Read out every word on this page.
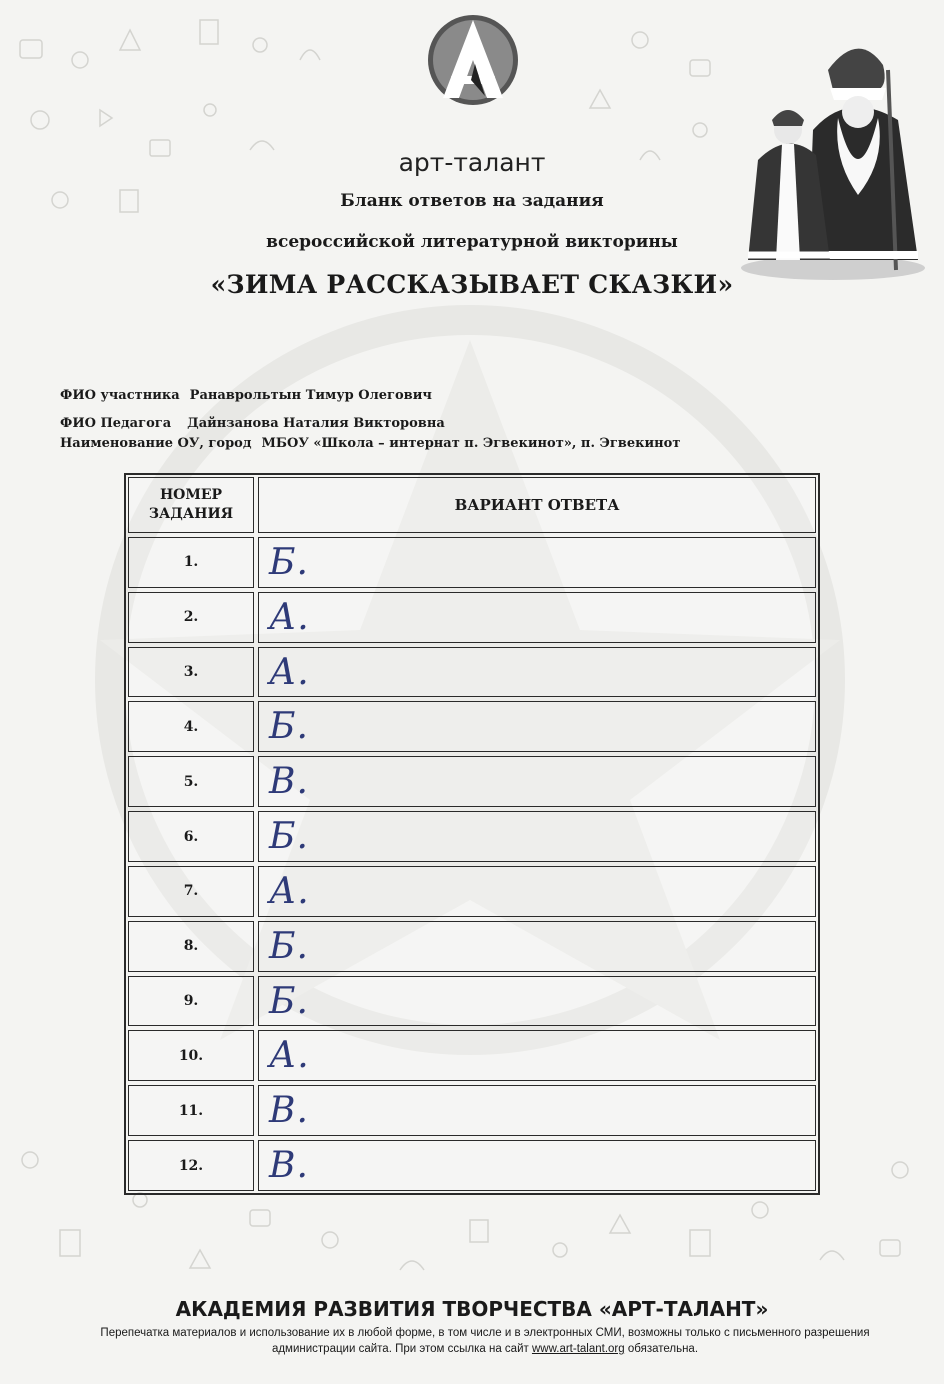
арт-талант
Бланк ответов на задания
всероссийской литературной викторины
«ЗИМА РАССКАЗЫВАЕТ СКАЗКИ»
ФИО участника Ранаврольтын Тимур Олегович
ФИО Педагога Дайнзанова Наталия Викторовна
Наименование ОУ, город МБОУ «Школа – интернат п. Эгвекинот», п. Эгвекинот
НОМЕР ЗАДАНИЯ	ВАРИАНТ ОТВЕТА
1.	Б.
2.	А.
3.	А.
4.	Б.
5.	В.
6.	Б.
7.	А.
8.	Б.
9.	Б.
10.	А.
11.	В.
12.	В.
АКАДЕМИЯ РАЗВИТИЯ ТВОРЧЕСТВА «АРТ-ТАЛАНТ»
Перепечатка материалов и использование их в любой форме, в том числе и в электронных СМИ, возможны только с письменного разрешения администрации сайта. При этом ссылка на сайт www.art-talant.org обязательна.
